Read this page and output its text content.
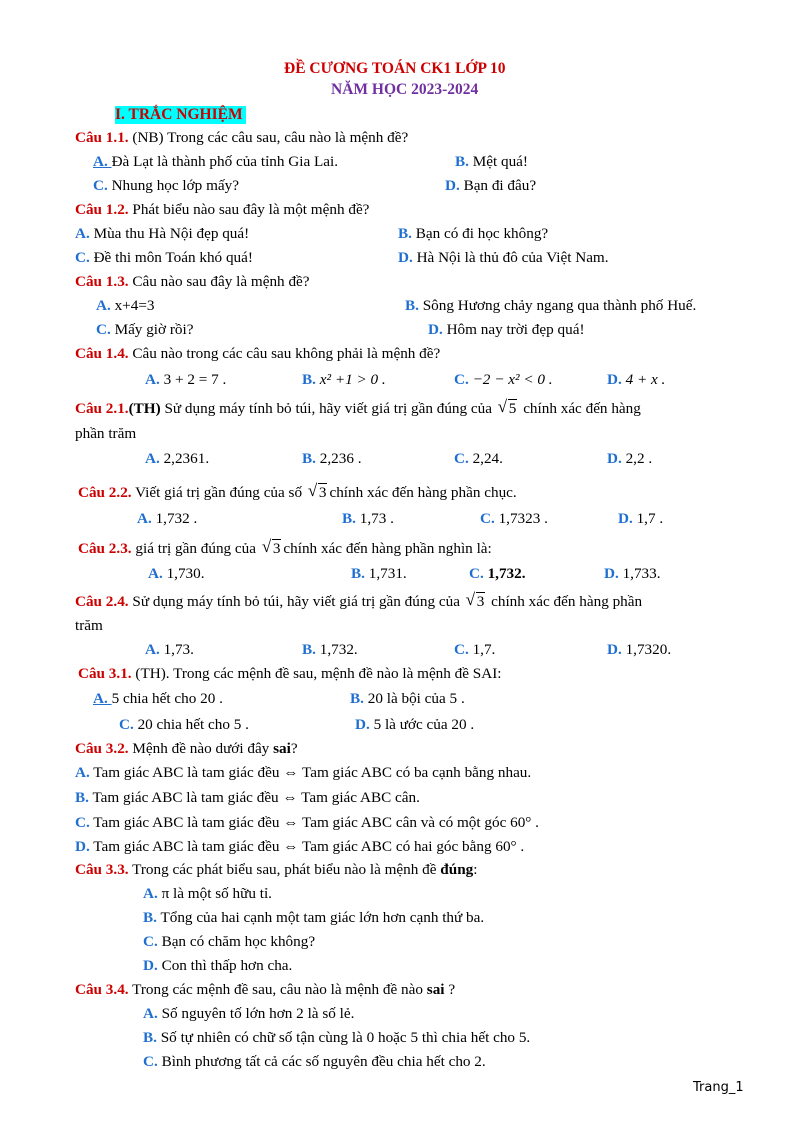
ĐỀ CƯƠNG TOÁN CK1 LỚP 10
NĂM HỌC 2023-2024
I. TRẮC NGHIỆM
Câu 1.1. (NB) Trong các câu sau, câu nào là mệnh đề?
A. Đà Lạt là thành phố của tỉnh Gia Lai.	B. Mệt quá!
C. Nhung học lớp mấy?	D. Bạn đi đâu?
Câu 1.2. Phát biểu nào sau đây là một mệnh đề?
A. Mùa thu Hà Nội đẹp quá!	B. Bạn có đi học không?
C. Đề thi môn Toán khó quá!	D. Hà Nội là thủ đô của Việt Nam.
Câu 1.3. Câu nào sau đây là mệnh đề?
A. x+4=3	B. Sông Hương chảy ngang qua thành phố Huế.
C. Mấy giờ rồi?	D. Hôm nay trời đẹp quá!
Câu 1.4. Câu nào trong các câu sau không phải là mệnh đề?
A. 3 + 2 = 7 .	B. x² +1 > 0 .	C. −2 − x² < 0 .	D. 4 + x .
Câu 2.1.(TH) Sử dụng máy tính bỏ túi, hãy viết giá trị gần đúng của √ 5 chính xác đến hàng
phần trăm
A. 2,2361.	B. 2,236 .	C. 2,24.	D. 2,2 .
Câu 2.2. Viết giá trị gần đúng của số √ 3 chính xác đến hàng phần chục.
A. 1,732 .	B. 1,73 .	C. 1,7323 .	D. 1,7 .
Câu 2.3. giá trị gần đúng của √ 3 chính xác đến hàng phần nghìn là:
A. 1,730.	B. 1,731.	C. 1,732.	D. 1,733.
Câu 2.4. Sử dụng máy tính bỏ túi, hãy viết giá trị gần đúng của √ 3 chính xác đến hàng phần
trăm
A. 1,73.	B. 1,732.	C. 1,7.	D. 1,7320.
Câu 3.1. (TH). Trong các mệnh đề sau, mệnh đề nào là mệnh đề SAI:
A. 5 chia hết cho 20 .	B. 20 là bội của 5 .
C. 20 chia hết cho 5 .	D. 5 là ước của 20 .
Câu 3.2. Mệnh đề nào dưới đây sai?
A. Tam giác ABC là tam giác đều ⇔ Tam giác ABC có ba cạnh bằng nhau.
B. Tam giác ABC là tam giác đều ⇔ Tam giác ABC cân.
C. Tam giác ABC là tam giác đều ⇔ Tam giác ABC cân và có một góc 60° .
D. Tam giác ABC là tam giác đều ⇔ Tam giác ABC có hai góc bằng 60° .
Câu 3.3. Trong các phát biểu sau, phát biểu nào là mệnh đề đúng:
A. π là một số hữu tỉ.
B. Tổng của hai cạnh một tam giác lớn hơn cạnh thứ ba.
C. Bạn có chăm học không?
D. Con thì thấp hơn cha.
Câu 3.4. Trong các mệnh đề sau, câu nào là mệnh đề nào sai ?
A. Số nguyên tố lớn hơn 2 là số lẻ.
B. Số tự nhiên có chữ số tận cùng là 0 hoặc 5 thì chia hết cho 5.
C. Bình phương tất cả các số nguyên đều chia hết cho 2.
Trang_1
